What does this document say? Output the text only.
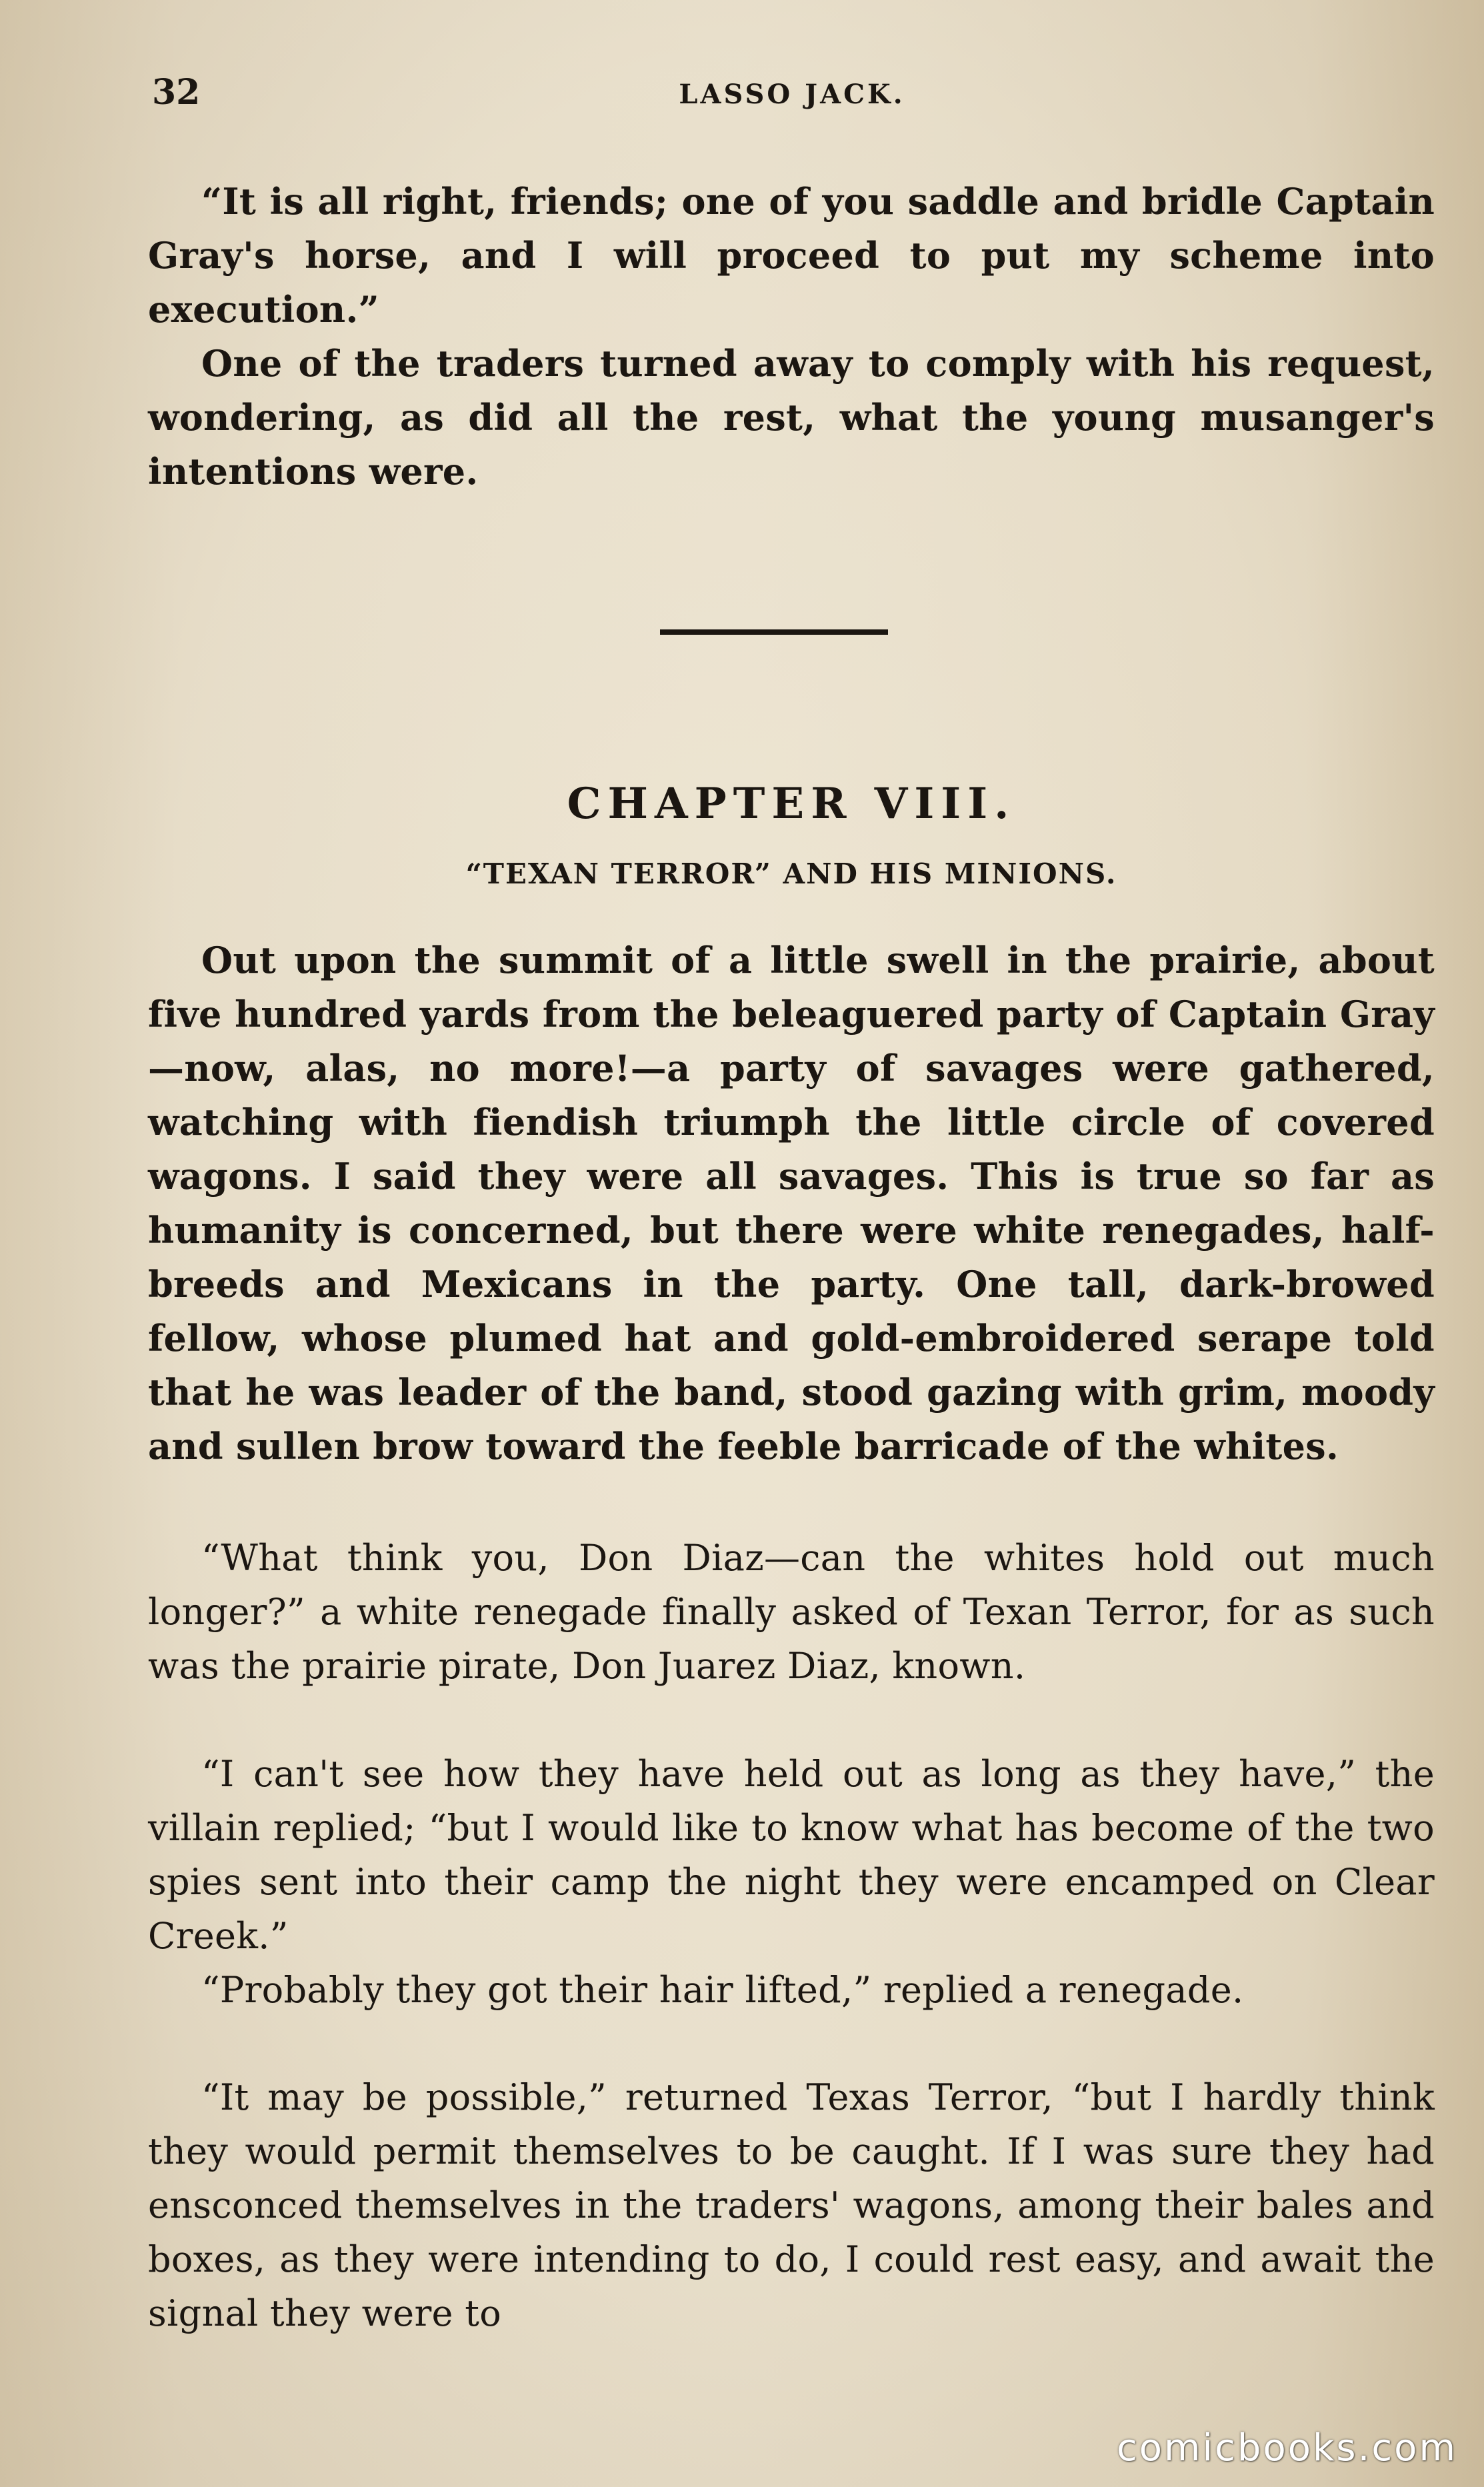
32	LASSO JACK.

“It is all right, friends; one of you saddle and bridle Captain Gray's horse, and I will proceed to put my scheme into execution.”

One of the traders turned away to comply with his request, wondering, as did all the rest, what the young musanger's intentions were.

CHAPTER VIII.
“TEXAN TERROR” AND HIS MINIONS.

Out upon the summit of a little swell in the prairie, about five hundred yards from the beleaguered party of Captain Gray —now, alas, no more!—a party of savages were gathered, watching with fiendish triumph the little circle of covered wagons. I said they were all savages. This is true so far as humanity is concerned, but there were white renegades, half-breeds and Mexicans in the party. One tall, dark-browed fellow, whose plumed hat and gold-embroidered serape told that he was leader of the band, stood gazing with grim, moody and sullen brow toward the feeble barricade of the whites.

“What think you, Don Diaz—can the whites hold out much longer?” a white renegade finally asked of Texan Terror, for as such was the prairie pirate, Don Juarez Diaz, known.

“I can't see how they have held out as long as they have,” the villain replied; “but I would like to know what has become of the two spies sent into their camp the night they were encamped on Clear Creek.”

“Probably they got their hair lifted,” replied a renegade.

“It may be possible,” returned Texas Terror, “but I hardly think they would permit themselves to be caught. If I was sure they had ensconced themselves in the traders' wagons, among their bales and boxes, as they were intending to do, I could rest easy, and await the signal they were to

comicbooks.com
